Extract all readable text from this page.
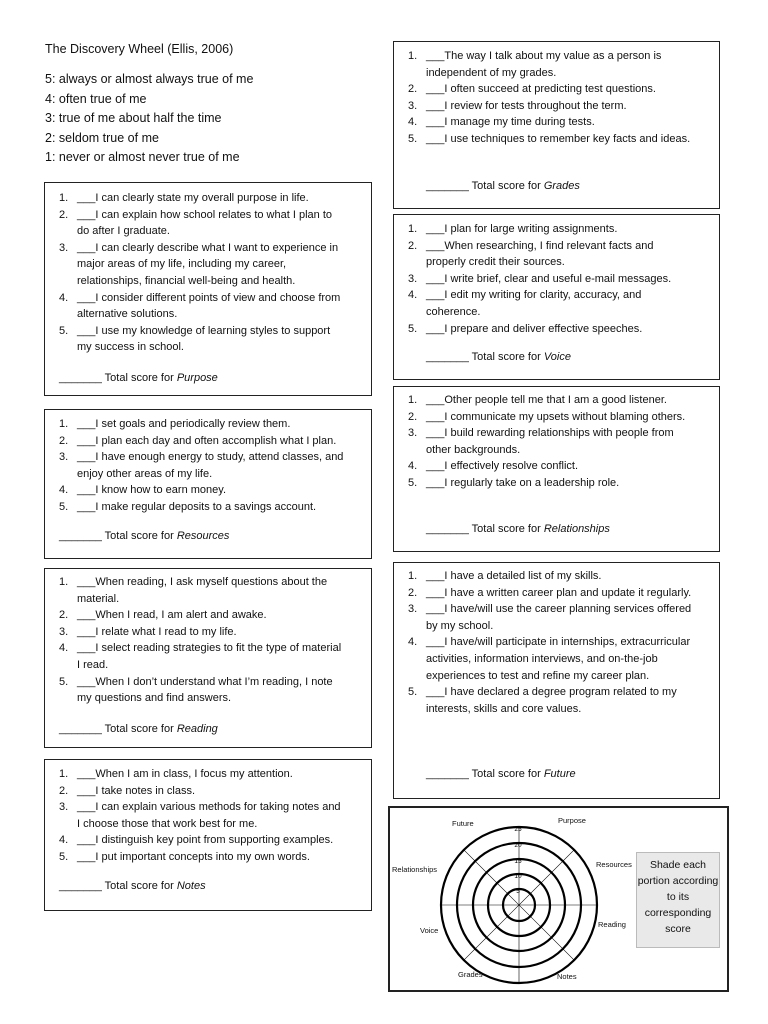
The Discovery Wheel (Ellis, 2006)
5: always or almost always true of me
4: often true of me
3: true of me about half the time
2: seldom true of me
1: never or almost never true of me
1. ___I can clearly state my overall purpose in life.
2. ___I can explain how school relates to what I plan to do after I graduate.
3. ___I can clearly describe what I want to experience in major areas of my life, including my career, relationships, financial well-being and health.
4. ___I consider different points of view and choose from alternative solutions.
5. ___I use my knowledge of learning styles to support my success in school.
_______ Total score for Purpose
1. ___I set goals and periodically review them.
2. ___I plan each day and often accomplish what I plan.
3. ___I have enough energy to study, attend classes, and enjoy other areas of my life.
4. ___I know how to earn money.
5. ___I make regular deposits to a savings account.
_______ Total score for Resources
1. ___When reading, I ask myself questions about the material.
2. ___When I read, I am alert and awake.
3. ___I relate what I read to my life.
4. ___I select reading strategies to fit the type of material I read.
5. ___When I don’t understand what I’m reading, I note my questions and find answers.
_______ Total score for Reading
1. ___When I am in class, I focus my attention.
2. ___I take notes in class.
3. ___I can explain various methods for taking notes and I choose those that work best for me.
4. ___I distinguish key point from supporting examples.
5. ___I put important concepts into my own words.
_______ Total score for Notes
1. ___The way I talk about my value as a person is independent of my grades.
2. ___I often succeed at predicting test questions.
3. ___I review for tests throughout the term.
4. ___I manage my time during tests.
5. ___I use techniques to remember key facts and ideas.
_______ Total score for Grades
1. ___I plan for large writing assignments.
2. ___When researching, I find relevant facts and properly credit their sources.
3. ___I write brief, clear and useful e-mail messages.
4. ___I edit my writing for clarity, accuracy, and coherence.
5. ___I prepare and deliver effective speeches.
_______ Total score for Voice
1. ___Other people tell me that I am a good listener.
2. ___I communicate my upsets without blaming others.
3. ___I build rewarding relationships with people from other backgrounds.
4. ___I effectively resolve conflict.
5. ___I regularly take on a leadership role.
_______ Total score for Relationships
1. ___I have a detailed list of my skills.
2. ___I have a written career plan and update it regularly.
3. ___I have/will use the career planning services offered by my school.
4. ___I have/will participate in internships, extracurricular activities, information interviews, and on-the-job experiences to test and refine my career plan.
5. ___I have declared a degree program related to my interests, skills and core values.
_______ Total score for Future
25
20
15
10
5
Future	Purpose
Resources
Reading
Notes
Grades
Voice
Relationships	Shade each portion according to its corresponding score
